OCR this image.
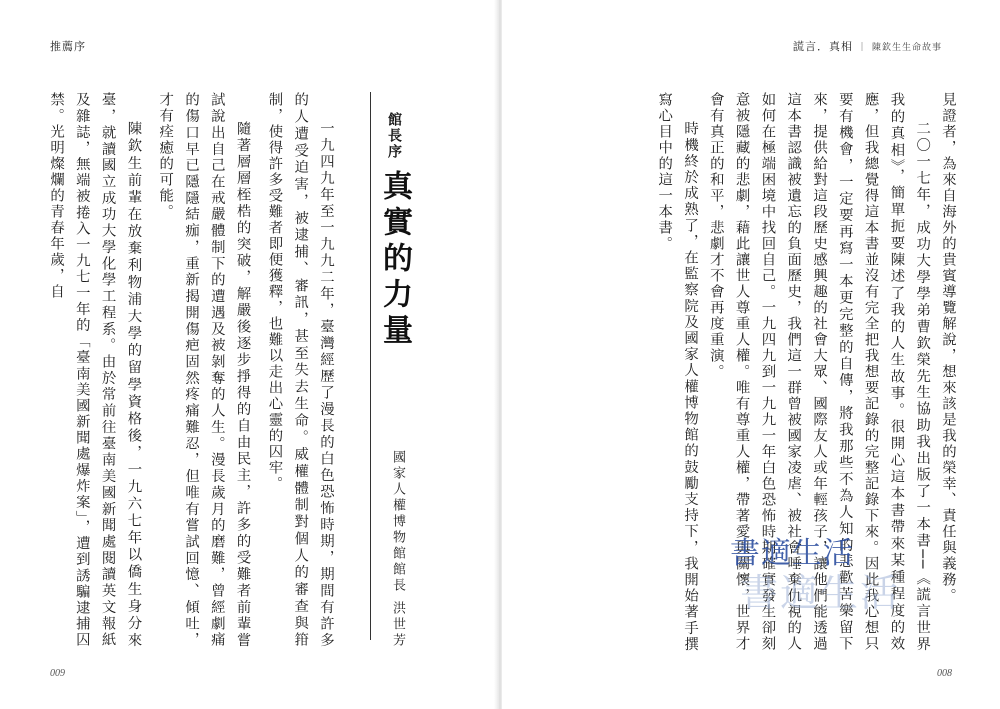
推薦序

一九四九年至一九九二年，臺灣經歷了漫長的白色恐怖時期，期間有許多的人遭受迫害，被逮捕、審訊，甚至失去生命。威權體制對個人的審查與箝制，使得許多受難者即便獲釋，也難以走出心靈的囚牢。

隨著層層桎梏的突破，解嚴後逐步掙得的自由民主，許多的受難者前輩嘗試說出自己在戒嚴體制下的遭遇及被剝奪的人生。漫長歲月的磨難，曾經劇痛的傷口早已隱隱結痂，重新揭開傷疤固然疼痛難忍，但唯有嘗試回憶、傾吐，才有痊癒的可能。

陳欽生前輩在放棄利物浦大學的留學資格後，一九六七年以僑生身分來臺，就讀國立成功大學化學工程系。由於常前往臺南美國新聞處閱讀英文報紙及雜誌，無端被捲入一九七一年的「臺南美國新聞處爆炸案」，遭到誘騙逮捕囚禁。光明燦爛的青春年歲，自	館長序
真實的力量
國家人權博物館館長 洪世芳
009
謊言．真相 ｜ 陳欽生生命故事

見證者，為來自海外的貴賓導覽解說，想來該是我的榮幸、責任與義務。

二〇一七年，成功大學學弟曹欽榮先生協助我出版了一本書──《謊言世界 我的真相》，簡單扼要陳述了我的人生故事。很開心這本書帶來某種程度的效應，但我總覺得這本書並沒有完全把我想要記錄的完整記錄下來。因此我心想只要有機會，一定要再寫一本更完整的自傳，將我那些不為人知的悲歡苦樂留下來，提供給對這段歷史感興趣的社會大眾、國際友人或年輕孩子，讓他們能透過這本書認識被遺忘的負面歷史，我們這一群曾被國家凌虐、被社會唾棄仇視的人如何在極端困境中找回自己。一九四九到一九九一年白色恐怖時期確實發生卻刻意被隱藏的悲劇，藉此讓世人尊重人權。唯有尊重人權，帶著愛與關懷，世界才會有真正的和平，悲劇才不會再度重演。

時機終於成熟了，在監察院及國家人權博物館的鼓勵支持下，我開始著手撰寫心目中的這一本書。

008
書適生活
書適生活
